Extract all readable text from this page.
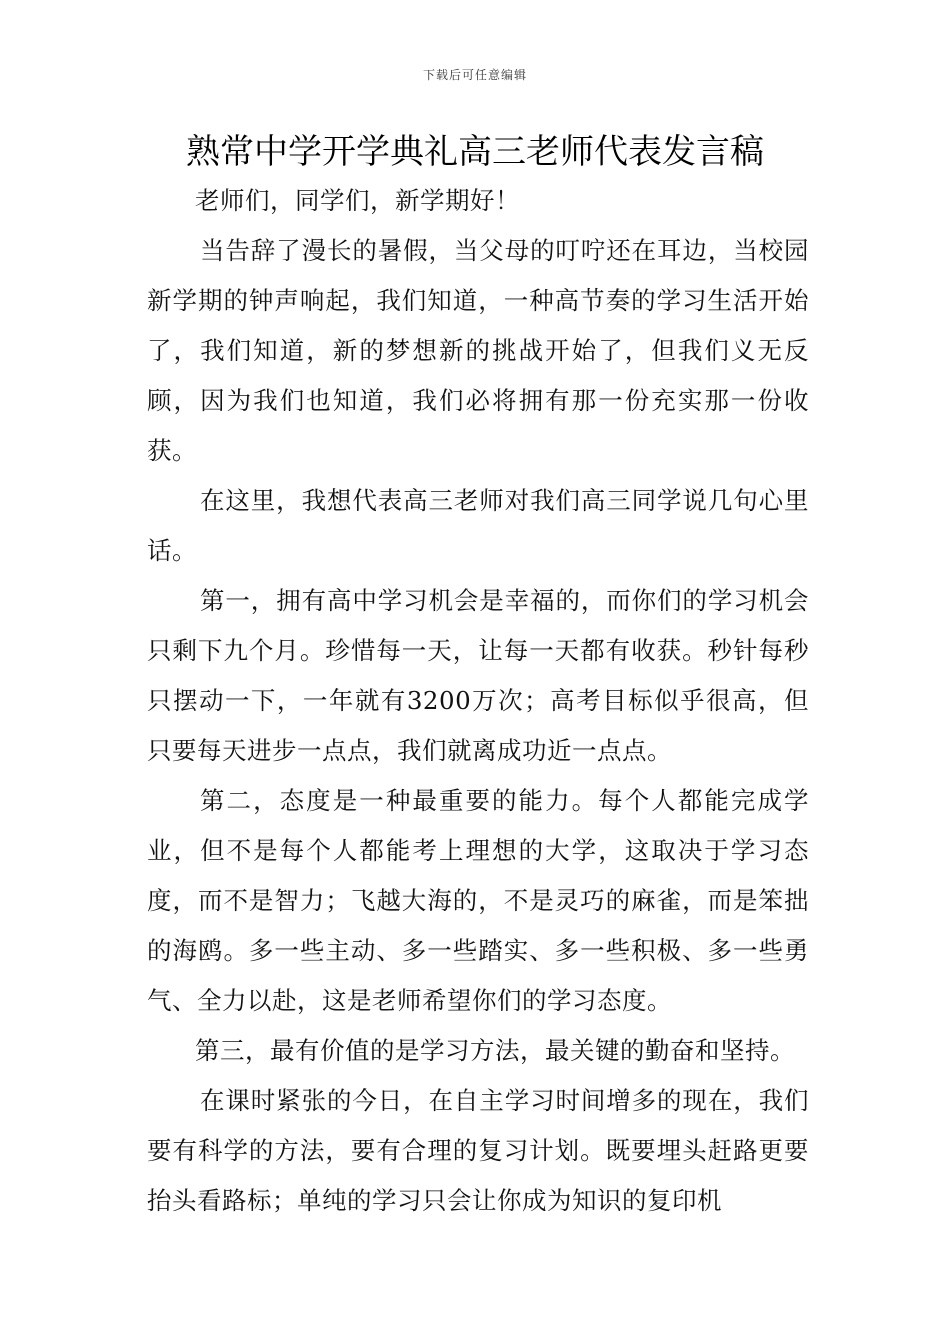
下载后可任意编辑
熟常中学开学典礼高三老师代表发言稿

老师们，同学们，新学期好！

当告辞了漫长的暑假，当父母的叮咛还在耳边，当校园新学期的钟声响起，我们知道，一种高节奏的学习生活开始了，我们知道，新的梦想新的挑战开始了，但我们义无反顾，因为我们也知道，我们必将拥有那一份充实那一份收获。

在这里，我想代表高三老师对我们高三同学说几句心里话。

第一，拥有高中学习机会是幸福的，而你们的学习机会只剩下九个月。珍惜每一天，让每一天都有收获。秒针每秒只摆动一下，一年就有3200万次；高考目标似乎很高，但只要每天进步一点点，我们就离成功近一点点。

第二，态度是一种最重要的能力。每个人都能完成学业，但不是每个人都能考上理想的大学，这取决于学习态度，而不是智力；飞越大海的，不是灵巧的麻雀，而是笨拙的海鸥。多一些主动、多一些踏实、多一些积极、多一些勇气、全力以赴，这是老师希望你们的学习态度。

第三，最有价值的是学习方法，最关键的勤奋和坚持。

在课时紧张的今日，在自主学习时间增多的现在，我们要有科学的方法，要有合理的复习计划。既要埋头赶路更要抬头看路标；单纯的学习只会让你成为知识的复印机
